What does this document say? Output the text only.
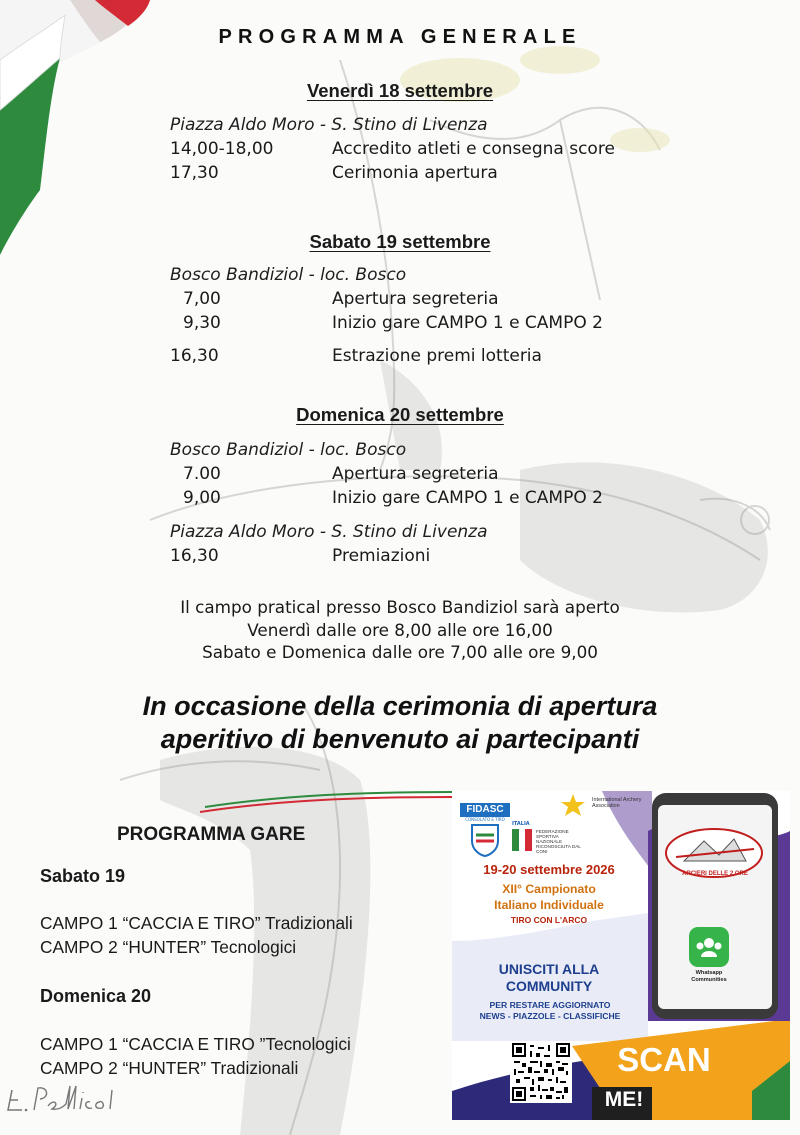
PROGRAMMA GENERALE
Venerdì 18 settembre
Piazza Aldo Moro - S. Stino di Livenza
14,00-18,00	Accredito atleti e consegna score
17,30	Cerimonia apertura
Sabato 19 settembre
Bosco Bandiziol - loc. Bosco
7,00	Apertura segreteria
9,30	Inizio gare CAMPO 1 e CAMPO 2
16,30	Estrazione premi lotteria
Domenica 20 settembre
Bosco Bandiziol - loc. Bosco
7.00	Apertura segreteria
9,00	Inizio gare CAMPO 1 e CAMPO 2
Piazza Aldo Moro - S. Stino di Livenza
16,30	Premiazioni
Il campo pratical presso Bosco Bandiziol sarà aperto
Venerdì dalle ore 8,00 alle ore 16,00
Sabato e Domenica dalle ore 7,00 alle ore 9,00
In occasione della cerimonia di apertura
aperitivo di benvenuto ai partecipanti
PROGRAMMA GARE
Sabato 19
CAMPO 1 “CACCIA E TIRO” Tradizionali
CAMPO 2 “HUNTER” Tecnologici
Domenica 20
CAMPO 1 “CACCIA E TIRO ”Tecnologici
CAMPO 2 “HUNTER” Tradizionali
FIDASC
CONSOLATO E TIRO
ITALIA
FEDERAZIONE SPORTIVA NAZIONALE RICONOSCIUTA DAL CONI
International Archery Association
19-20 settembre 2026
XII° Campionato
Italiano Individuale
TIRO CON L'ARCO
UNISCITI ALLA
COMMUNITY
PER RESTARE AGGIORNATO
NEWS - PIAZZOLE - CLASSIFICHE
ARCIERI DELLE 2 ORE
Whatsapp
Communities
SCAN
ME!
